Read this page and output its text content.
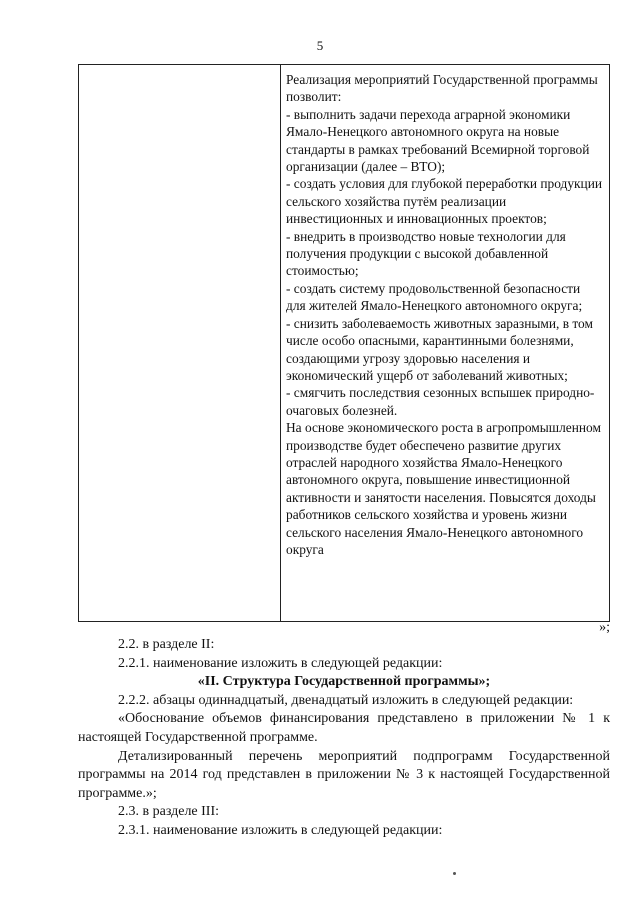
5

Реализация мероприятий Государственной программы позволит:

- выполнить задачи перехода аграрной экономики Ямало-Ненецкого автономного округа на новые стандарты в рамках требований Всемирной торговой организации (далее – ВТО);

- создать условия для глубокой переработки продукции сельского хозяйства путём реализации инвестиционных и инновационных проектов;

- внедрить в производство новые технологии для получения продукции с высокой добавленной стоимостью;

- создать систему продовольственной безопасности для жителей Ямало-Ненецкого автономного округа;

- снизить заболеваемость животных заразными, в том числе особо опасными, карантинными болезнями, создающими угрозу здоровью населения и экономический ущерб от заболеваний животных;

- смягчить последствия сезонных вспышек природно-очаговых болезней.

На основе экономического роста в агропромышленном производстве будет обеспечено развитие других отраслей народного хозяйства Ямало-Ненецкого автономного округа, повышение инвестиционной активности и занятости населения. Повысятся доходы работников сельского хозяйства и уровень жизни сельского населения Ямало-Ненецкого автономного округа

»;

2.2. в разделе II:

2.2.1. наименование изложить в следующей редакции:

«II. Структура Государственной программы»;

2.2.2. абзацы одиннадцатый, двенадцатый изложить в следующей редакции:

«Обоснование объемов финансирования представлено в приложении № 1 к настоящей Государственной программе.

Детализированный перечень мероприятий подпрограмм Государственной программы на 2014 год представлен в приложении № 3 к настоящей Государственной программе.»;

2.3. в разделе III:

2.3.1. наименование изложить в следующей редакции:
